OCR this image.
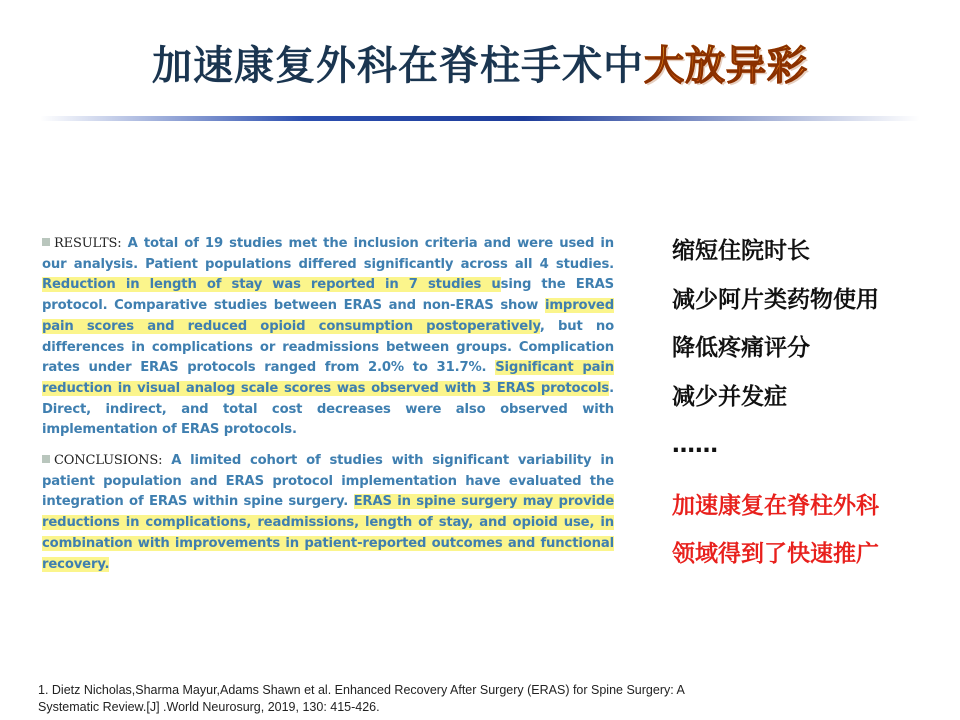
加速康复外科在脊柱手术中大放异彩

RESULTS: A total of 19 studies met the inclusion criteria and were used in our analysis. Patient populations differed significantly across all 4 studies. Reduction in length of stay was reported in 7 studies using the ERAS protocol. Comparative studies between ERAS and non-ERAS show improved pain scores and reduced opioid consumption postoperatively, but no differences in complications or readmissions between groups. Complication rates under ERAS protocols ranged from 2.0% to 31.7%. Significant pain reduction in visual analog scale scores was observed with 3 ERAS protocols. Direct, indirect, and total cost decreases were also observed with implementation of ERAS protocols.

CONCLUSIONS: A limited cohort of studies with significant variability in patient population and ERAS protocol implementation have evaluated the integration of ERAS within spine surgery. ERAS in spine surgery may provide reductions in complications, readmissions, length of stay, and opioid use, in combination with improvements in patient-reported outcomes and functional recovery.

缩短住院时长
减少阿片类药物使用
降低疼痛评分
减少并发症
……
加速康复在脊柱外科
领域得到了快速推广
1. Dietz Nicholas,Sharma Mayur,Adams Shawn et al. Enhanced Recovery After Surgery (ERAS) for Spine Surgery: A
Systematic Review.[J] .World Neurosurg, 2019, 130: 415-426.
